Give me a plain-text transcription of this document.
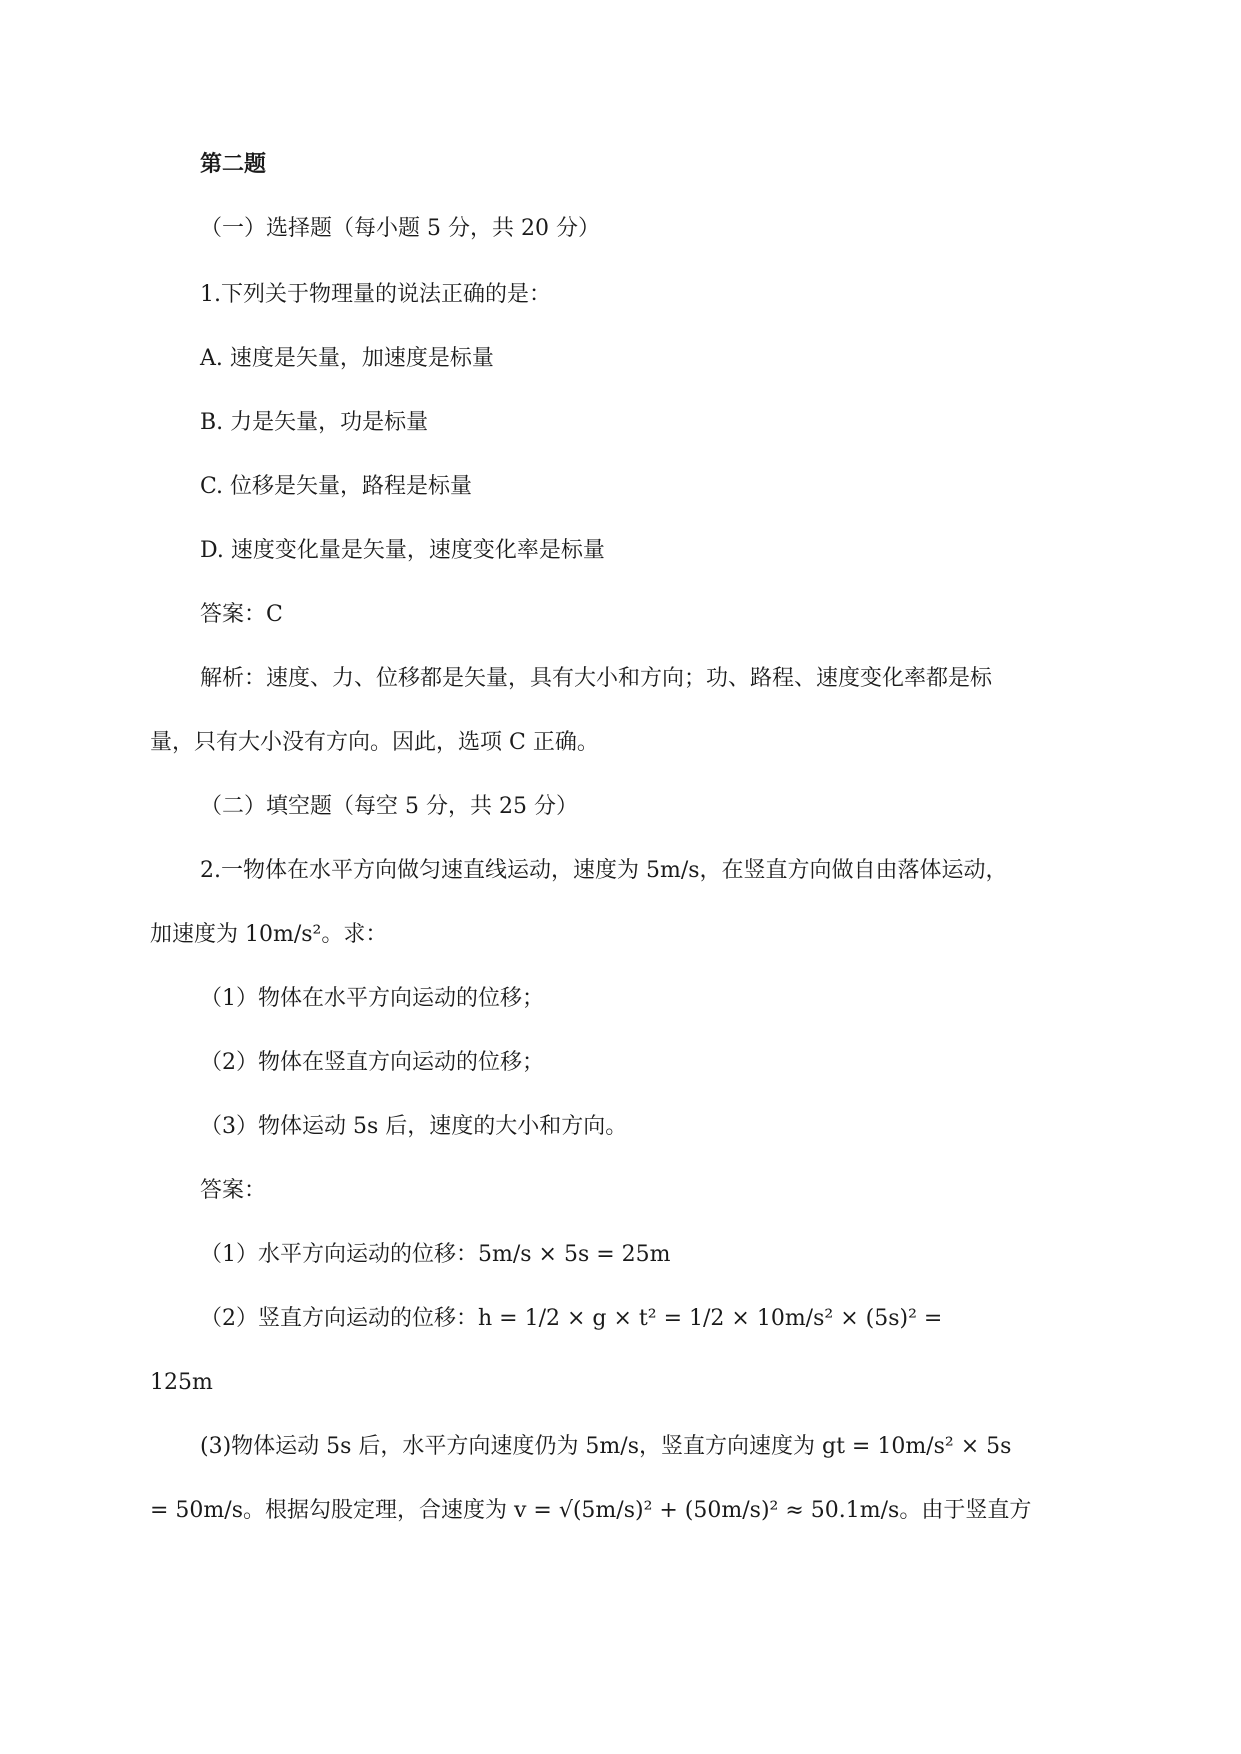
第二题
（一）选择题（每小题 5 分，共 20 分）
1.下列关于物理量的说法正确的是：
A. 速度是矢量，加速度是标量
B. 力是矢量，功是标量
C. 位移是矢量，路程是标量
D. 速度变化量是矢量，速度变化率是标量
答案：C
解析：速度、力、位移都是矢量，具有大小和方向；功、路程、速度变化率都是标
量，只有大小没有方向。因此，选项 C 正确。
（二）填空题（每空 5 分，共 25 分）
2.一物体在水平方向做匀速直线运动，速度为 5m/s，在竖直方向做自由落体运动，
加速度为 10m/s²。求：
（1）物体在水平方向运动的位移；
（2）物体在竖直方向运动的位移；
（3）物体运动 5s 后，速度的大小和方向。
答案：
（1）水平方向运动的位移：5m/s × 5s = 25m
（2）竖直方向运动的位移：h = 1/2 × g × t² = 1/2 × 10m/s² × (5s)² =
125m
(3)物体运动 5s 后，水平方向速度仍为 5m/s，竖直方向速度为 gt = 10m/s² × 5s
= 50m/s。根据勾股定理，合速度为 v = √(5m/s)² + (50m/s)² ≈ 50.1m/s。由于竖直方
